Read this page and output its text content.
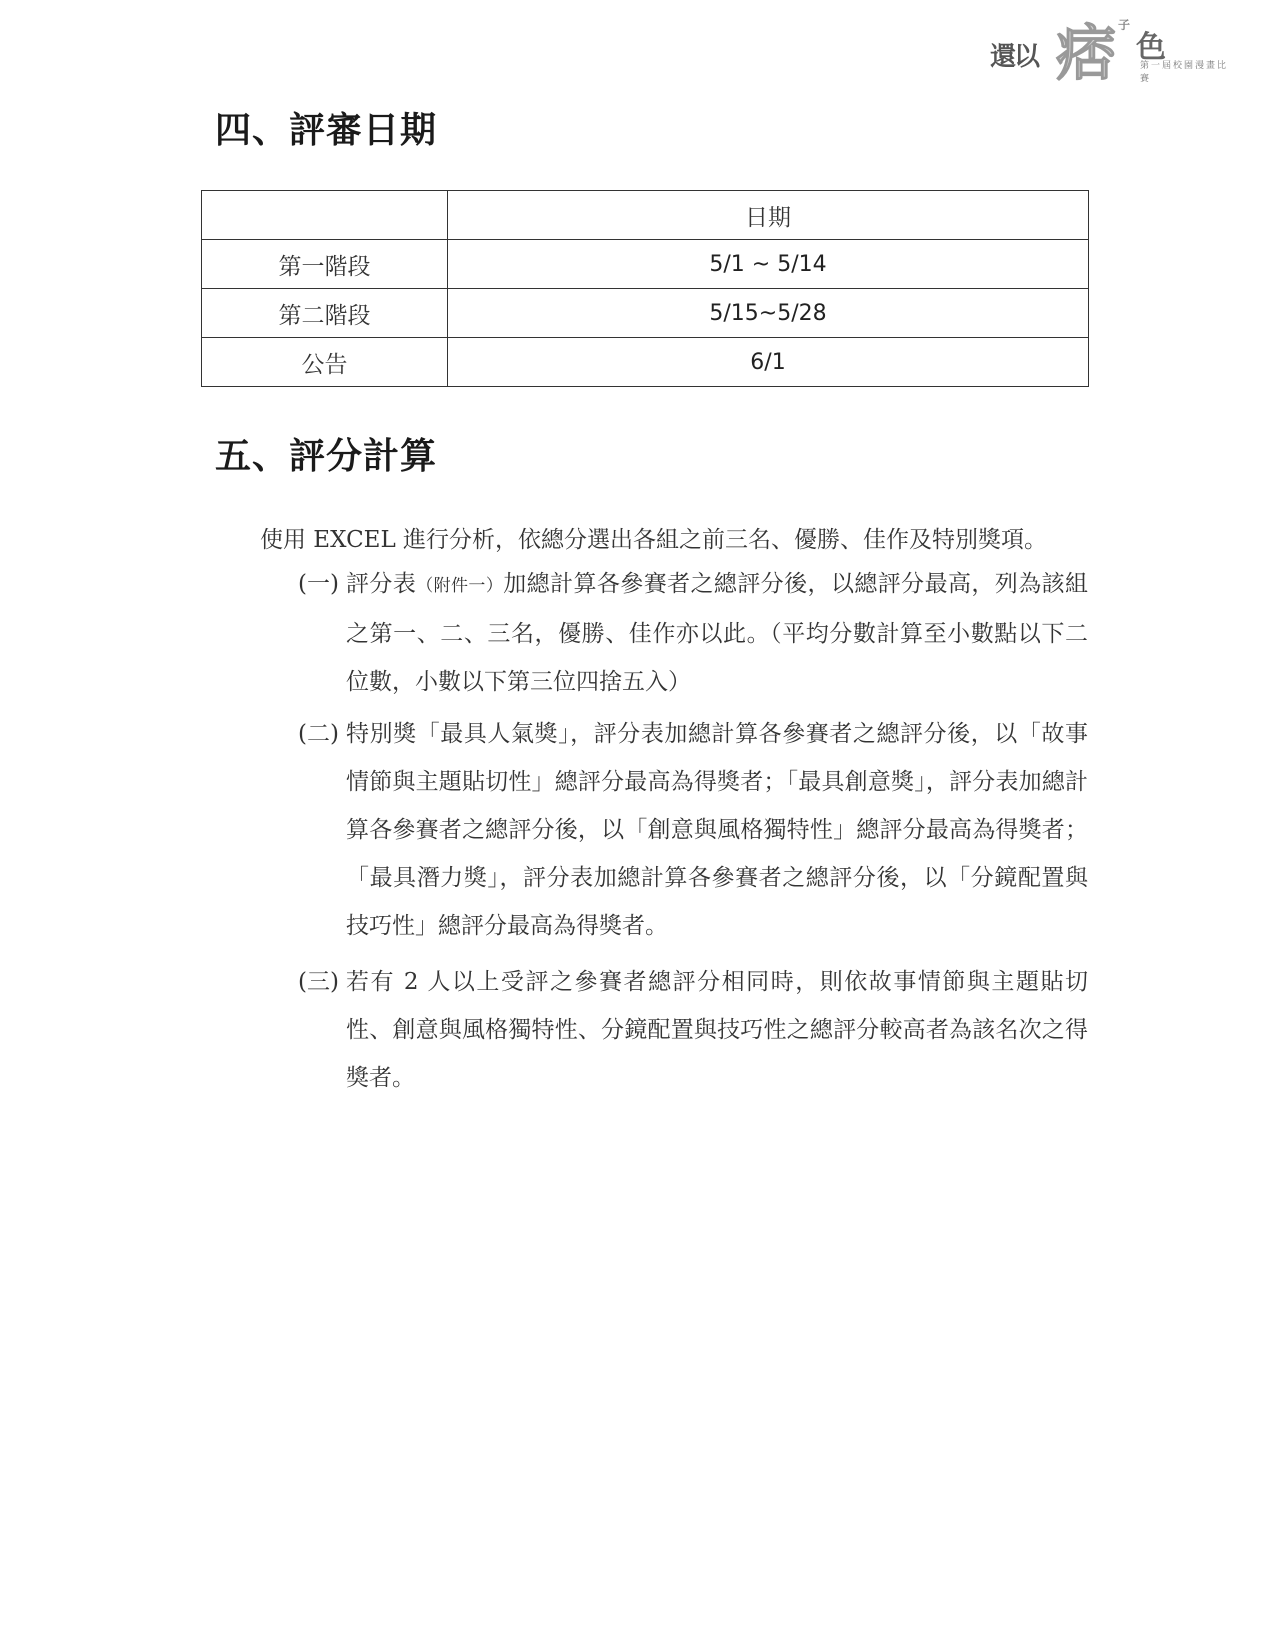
還以 痞 子
色
第一屆校園漫畫比賽
四、評審日期
	日期
第一階段	5/1 ~ 5/14
第二階段	5/15~5/28
公告	6/1
五、評分計算

使用 EXCEL 進行分析，依總分選出各組之前三名、優勝、佳作及特別獎項。

(一) 評分表（附件一）加總計算各參賽者之總評分後，以總評分最高，列為該組之第一、二、三名，優勝、佳作亦以此。（平均分數計算至小數點以下二位數，小數以下第三位四捨五入）
(二) 特別獎「最具人氣獎」，評分表加總計算各參賽者之總評分後，以「故事情節與主題貼切性」總評分最高為得獎者；「最具創意獎」，評分表加總計算各參賽者之總評分後，以「創意與風格獨特性」總評分最高為得獎者；「最具潛力獎」，評分表加總計算各參賽者之總評分後，以「分鏡配置與技巧性」總評分最高為得獎者。
(三) 若有 2 人以上受評之參賽者總評分相同時，則依故事情節與主題貼切性、創意與風格獨特性、分鏡配置與技巧性之總評分較高者為該名次之得獎者。
